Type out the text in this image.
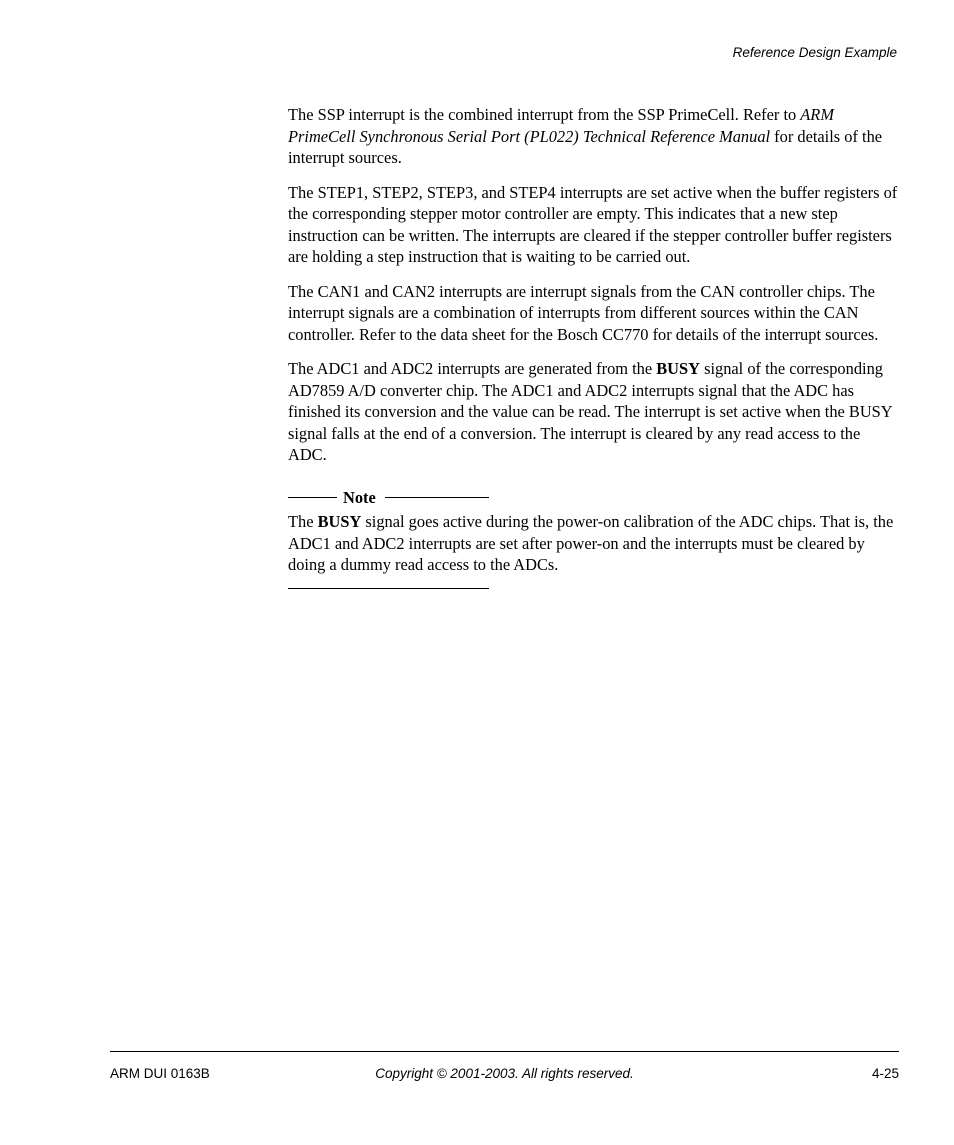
Reference Design Example

The SSP interrupt is the combined interrupt from the SSP PrimeCell. Refer to ARM PrimeCell Synchronous Serial Port (PL022) Technical Reference Manual for details of the interrupt sources.

The STEP1, STEP2, STEP3, and STEP4 interrupts are set active when the buffer registers of the corresponding stepper motor controller are empty. This indicates that a new step instruction can be written. The interrupts are cleared if the stepper controller buffer registers are holding a step instruction that is waiting to be carried out.

The CAN1 and CAN2 interrupts are interrupt signals from the CAN controller chips. The interrupt signals are a combination of interrupts from different sources within the CAN controller. Refer to the data sheet for the Bosch CC770 for details of the interrupt sources.

The ADC1 and ADC2 interrupts are generated from the BUSY signal of the corresponding AD7859 A/D converter chip. The ADC1 and ADC2 interrupts signal that the ADC has finished its conversion and the value can be read. The interrupt is set active when the BUSY signal falls at the end of a conversion. The interrupt is cleared by any read access to the ADC.

Note

The BUSY signal goes active during the power-on calibration of the ADC chips. That is, the ADC1 and ADC2 interrupts are set after power-on and the interrupts must be cleared by doing a dummy read access to the ADCs.

ARM DUI 0163B	Copyright © 2001-2003. All rights reserved.	4-25
